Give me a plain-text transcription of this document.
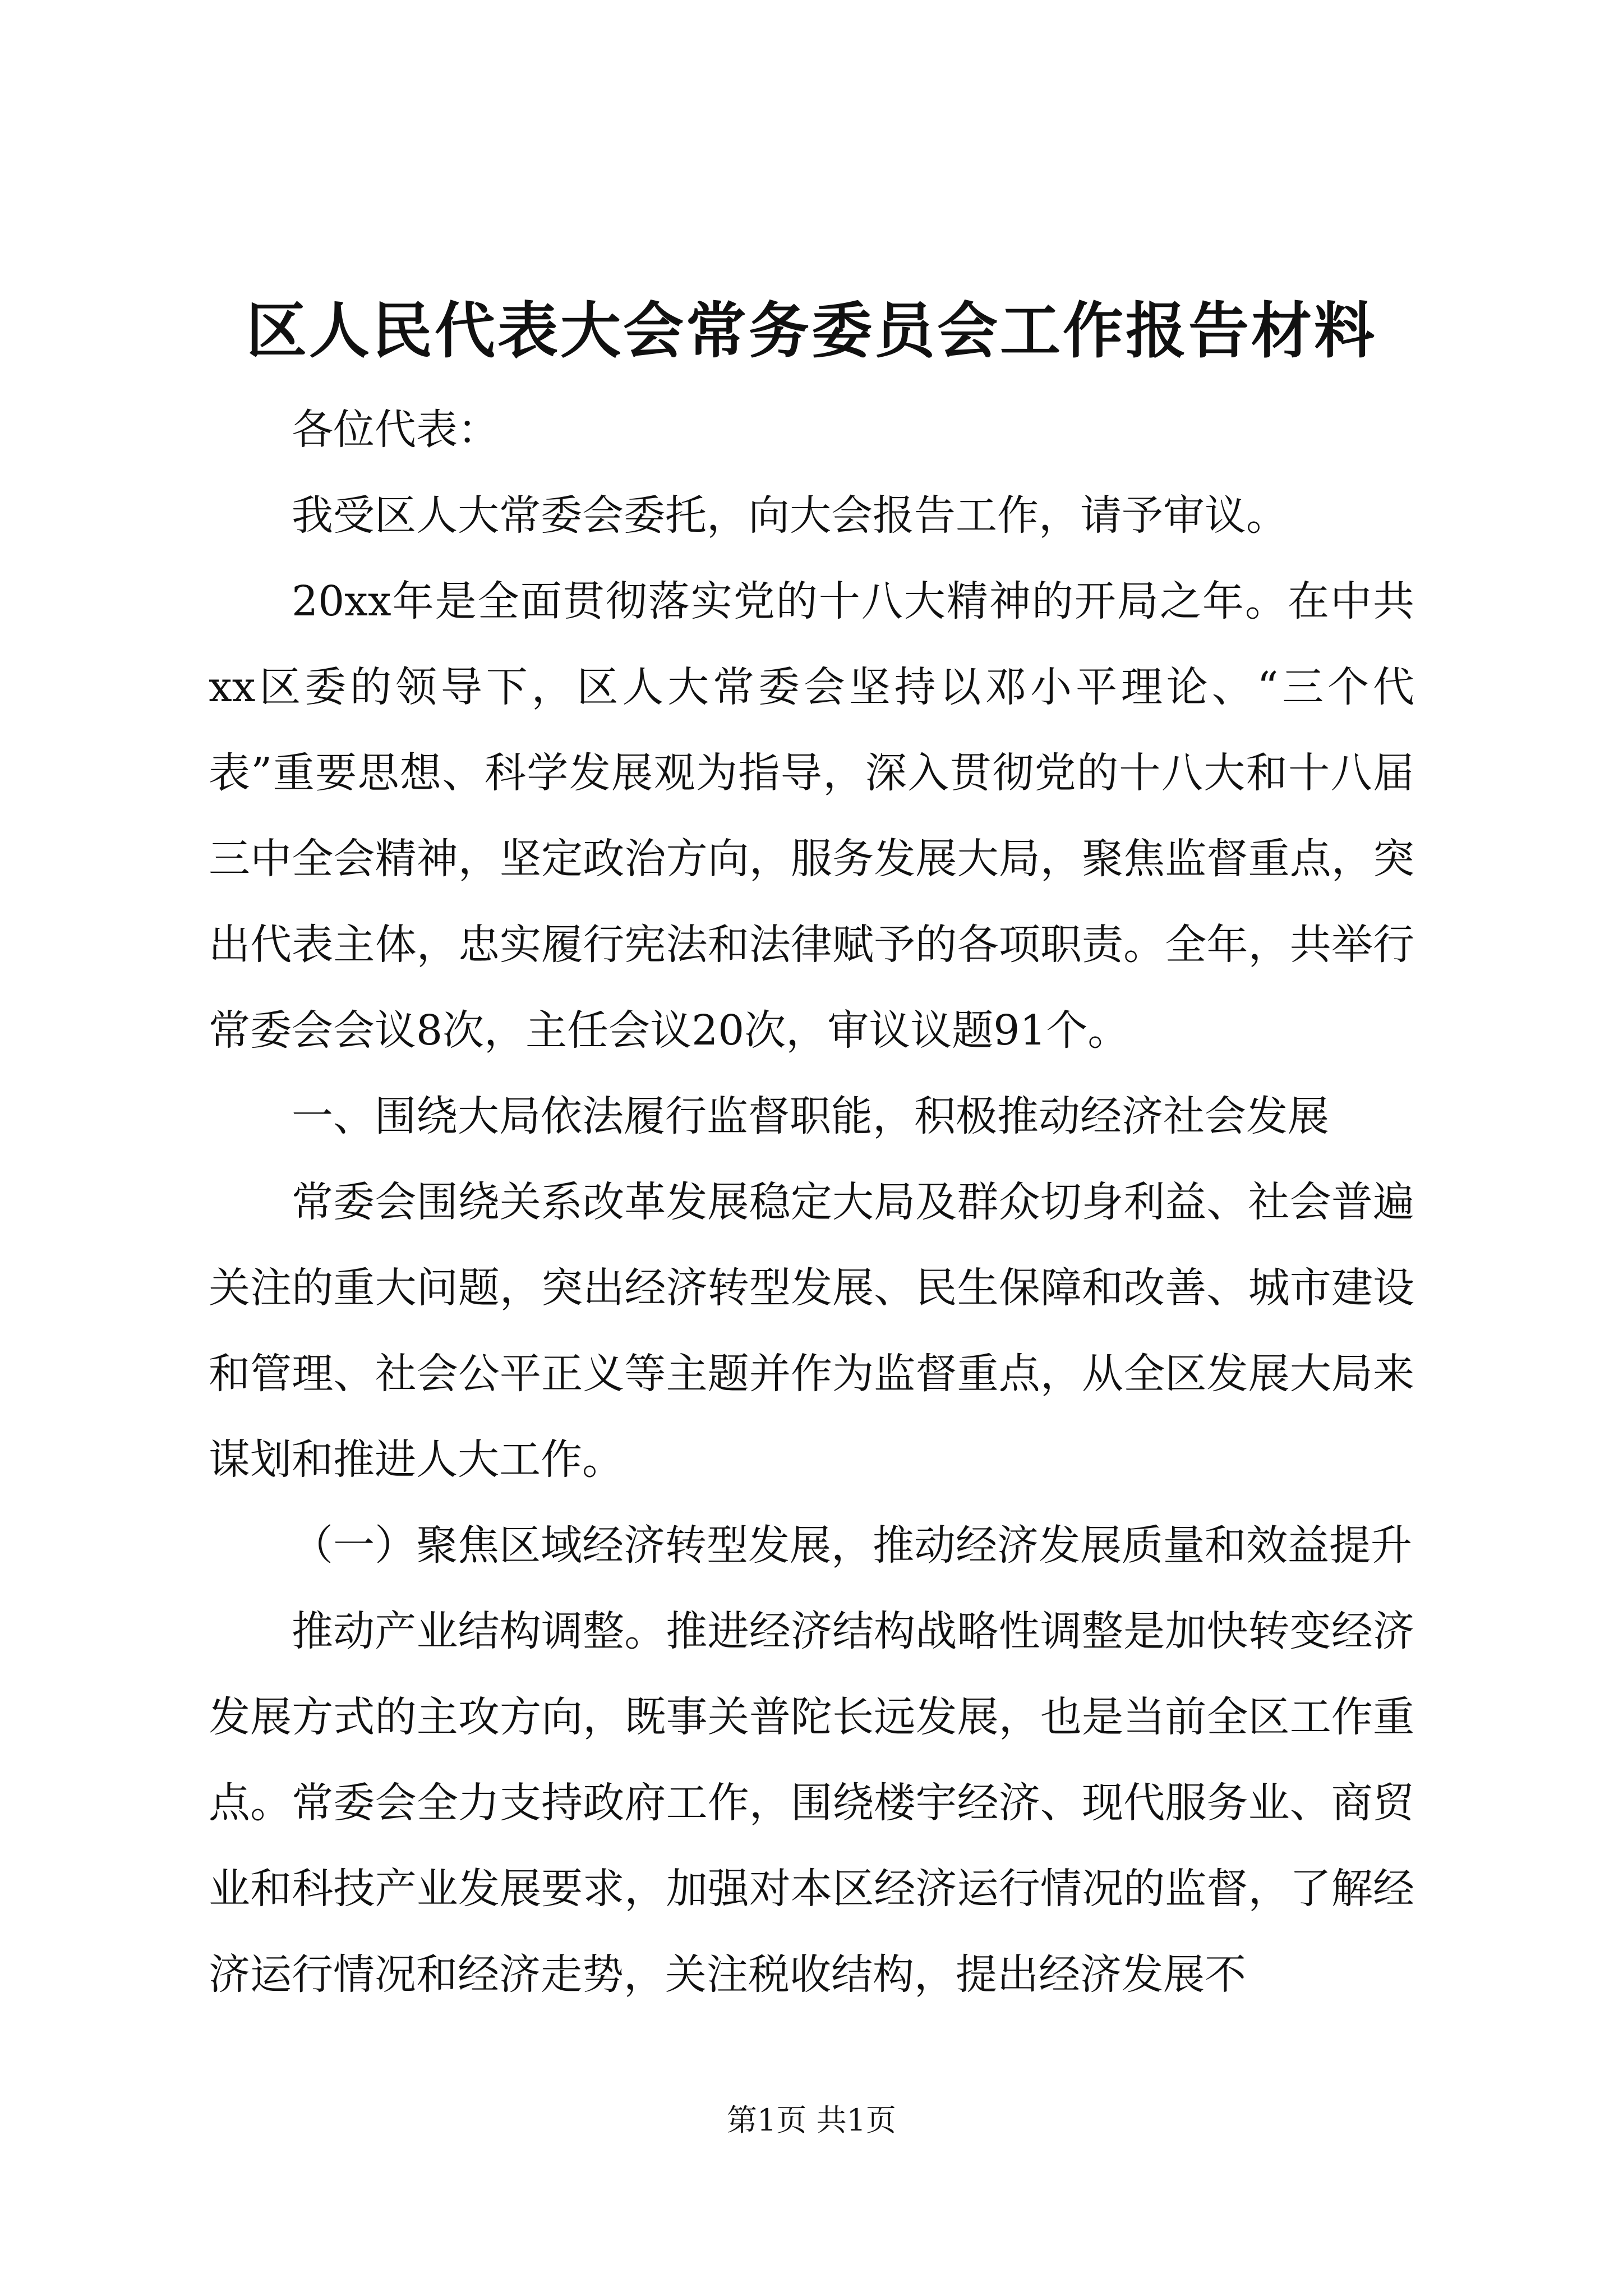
区人民代表大会常务委员会工作报告材料

各位代表：

我受区人大常委会委托，向大会报告工作，请予审议。

20xx年是全面贯彻落实党的十八大精神的开局之年。在中共xx区委的领导下，区人大常委会坚持以邓小平理论、“三个代表”重要思想、科学发展观为指导，深入贯彻党的十八大和十八届三中全会精神，坚定政治方向，服务发展大局，聚焦监督重点，突出代表主体，忠实履行宪法和法律赋予的各项职责。全年，共举行常委会会议8次，主任会议20次，审议议题91个。

一、围绕大局依法履行监督职能，积极推动经济社会发展

常委会围绕关系改革发展稳定大局及群众切身利益、社会普遍关注的重大问题，突出经济转型发展、民生保障和改善、城市建设和管理、社会公平正义等主题并作为监督重点，从全区发展大局来谋划和推进人大工作。

（一）聚焦区域经济转型发展，推动经济发展质量和效益提升

推动产业结构调整。推进经济结构战略性调整是加快转变经济发展方式的主攻方向，既事关普陀长远发展，也是当前全区工作重点。常委会全力支持政府工作，围绕楼宇经济、现代服务业、商贸业和科技产业发展要求，加强对本区经济运行情况的监督，了解经济运行情况和经济走势，关注税收结构，提出经济发展不

第1页 共1页
